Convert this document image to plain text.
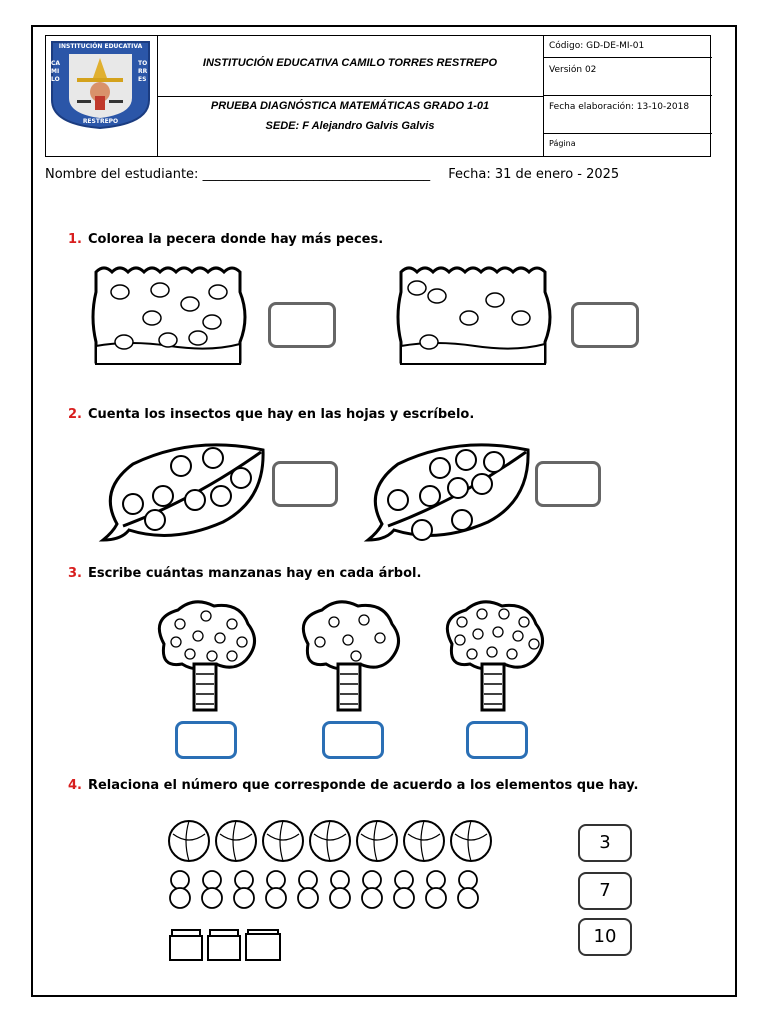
INSTITUCIÓN EDUCATIVA
CAMILO
TORRES
RESTREPO
INSTITUCIÓN EDUCATIVA CAMILO TORRES RESTREPO
PRUEBA DIAGNÓSTICA MATEMÁTICAS GRADO 1-01
SEDE: F Alejandro Galvis Galvis
Código: GD-DE-MI-01
Versión 02
Fecha elaboración: 13-10-2018
Página
Nombre del estudiante: ___________________________________ Fecha: 31 de enero - 2025
1. Colorea la pecera donde hay más peces.
2. Cuenta los insectos que hay en las hojas y escríbelo.
3. Escribe cuántas manzanas hay en cada árbol.
4. Relaciona el número que corresponde de acuerdo a los elementos que hay.
3
7
10
